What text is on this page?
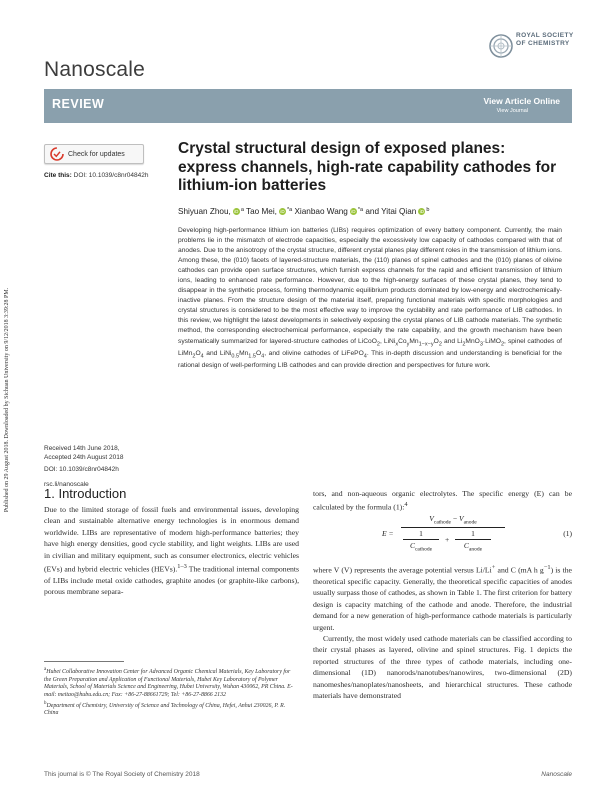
Published on 29 August 2018. Downloaded by Sichuan University on 9/12/2018 3:39:28 PM.
Nanoscale
ROYAL SOCIETY
OF CHEMISTRY
REVIEW	View Article Online
View Journal
Check for updates
Cite this: DOI: 10.1039/c8nr04842h
Crystal structural design of exposed planes: express channels, high-rate capability cathodes for lithium-ion batteries
Shiyuan Zhou, iD $^a$ Tao Mei, iD $^{*a}$ Xianbao Wang iD $^{*a}$ and Yitai Qian iD $^b$
Developing high-performance lithium ion batteries (LIBs) requires optimization of every battery component. Currently, the main problems lie in the mismatch of electrode capacities, especially the excessively low capacity of cathodes compared with that of anodes. Due to the anisotropy of the crystal structure, different crystal planes play different roles in the transmission of lithium ions. Among these, the (010) facets of layered-structure materials, the (110) planes of spinel cathodes and the (010) planes of olivine cathodes can provide open surface structures, which furnish express channels for the rapid and efficient transmission of lithium ions, leading to enhanced rate performance. However, due to the high-energy surfaces of these crystal planes, they tend to disappear in the synthetic process, forming thermodynamic equilibrium products dominated by low-energy and electrochemically-inactive planes. From the structure design of the material itself, preparing functional materials with specific morphologies and crystal structures is considered to be the most effective way to improve the cyclability and rate performance of LIB cathodes. In this review, we highlight the latest developments in selectively exposing the crystal planes of LIB cathode materials. The synthetic method, the corresponding electrochemical performance, especially the rate capability, and the growth mechanism have been systematically summarized for layered-structure cathodes of LiCoO$_2$, $LiNi_xCo_yMn_{1-x-y}O_2$ and $Li_2MnO_3\cdot LiMO_2$, spinel cathodes of $LiMn_2O_4$ and $LiNi_{0.5}Mn_{1.5}O_4$, and olivine cathodes of LiFePO$_4$. This in-depth discussion and understanding is beneficial for the rational design of well-performing LIB cathodes and can provide direction and perspectives for future work.
Received 14th June 2018,
Accepted 24th August 2018
DOI: 10.1039/c8nr04842h
rsc.li/nanoscale
1. Introduction
Due to the limited storage of fossil fuels and environmental issues, developing clean and sustainable alternative energy technologies is in enormous demand worldwide. LIBs are representative of modern high-performance batteries; they have high energy densities, good cycle stability, and light weights. LIBs are used in civilian and military equipment, such as consumer electronics, electric vehicles (EVs) and hybrid electric vehicles (HEVs).$^{1-3}$ The traditional internal components of LIBs include metal oxide cathodes, graphite anodes (or graphite-like carbons), porous membrane separa-
tors, and non-aqueous organic electrolytes. The specific energy (E) can be calculated by the formula (1):$^4$
E =
$V_{cathode} - V_{anode}$
1
$C_{cathode}$
+
1
$C_{anode}$
(1)
where V (V) represents the average potential versus Li/Li+ and C (mA h $g^{-1}$) is the theoretical specific capacity. Generally, the theoretical specific capacities of anodes usually surpass those of cathodes, as shown in Table 1. The first criterion for battery design is capacity matching of the cathode and anode. Therefore, the industrial demand for a new generation of high-performance cathode materials is particularly urgent.
Currently, the most widely used cathode materials can be classified according to their crystal phases as layered, olivine and spinel structures. Fig. 1 depicts the reported structures of the three types of cathode materials, including one-dimensional (1D) nanorods/nanotubes/nanowires, two-dimensional (2D) nanomeshes/nanoplates/nanosheets, and hierarchical structures. These cathode materials have demonstrated
$^a$Hubei Collaborative Innovation Center for Advanced Organic Chemical Materials, Key Laboratory for the Green Preparation and Application of Functional Materials, Hubei Key Laboratory of Polymer Materials, School of Materials Science and Engineering, Hubei University, Wuhan 430062, PR China. E-mail: meitao@hubu.edu.cn; Fax: +86-27-88661729; Tel: +86-27-8866 2132
$^b$Department of Chemistry, University of Science and Technology of China, Hefei, Anhui 230026, P. R. China
This journal is © The Royal Society of Chemistry 2018	Nanoscale
